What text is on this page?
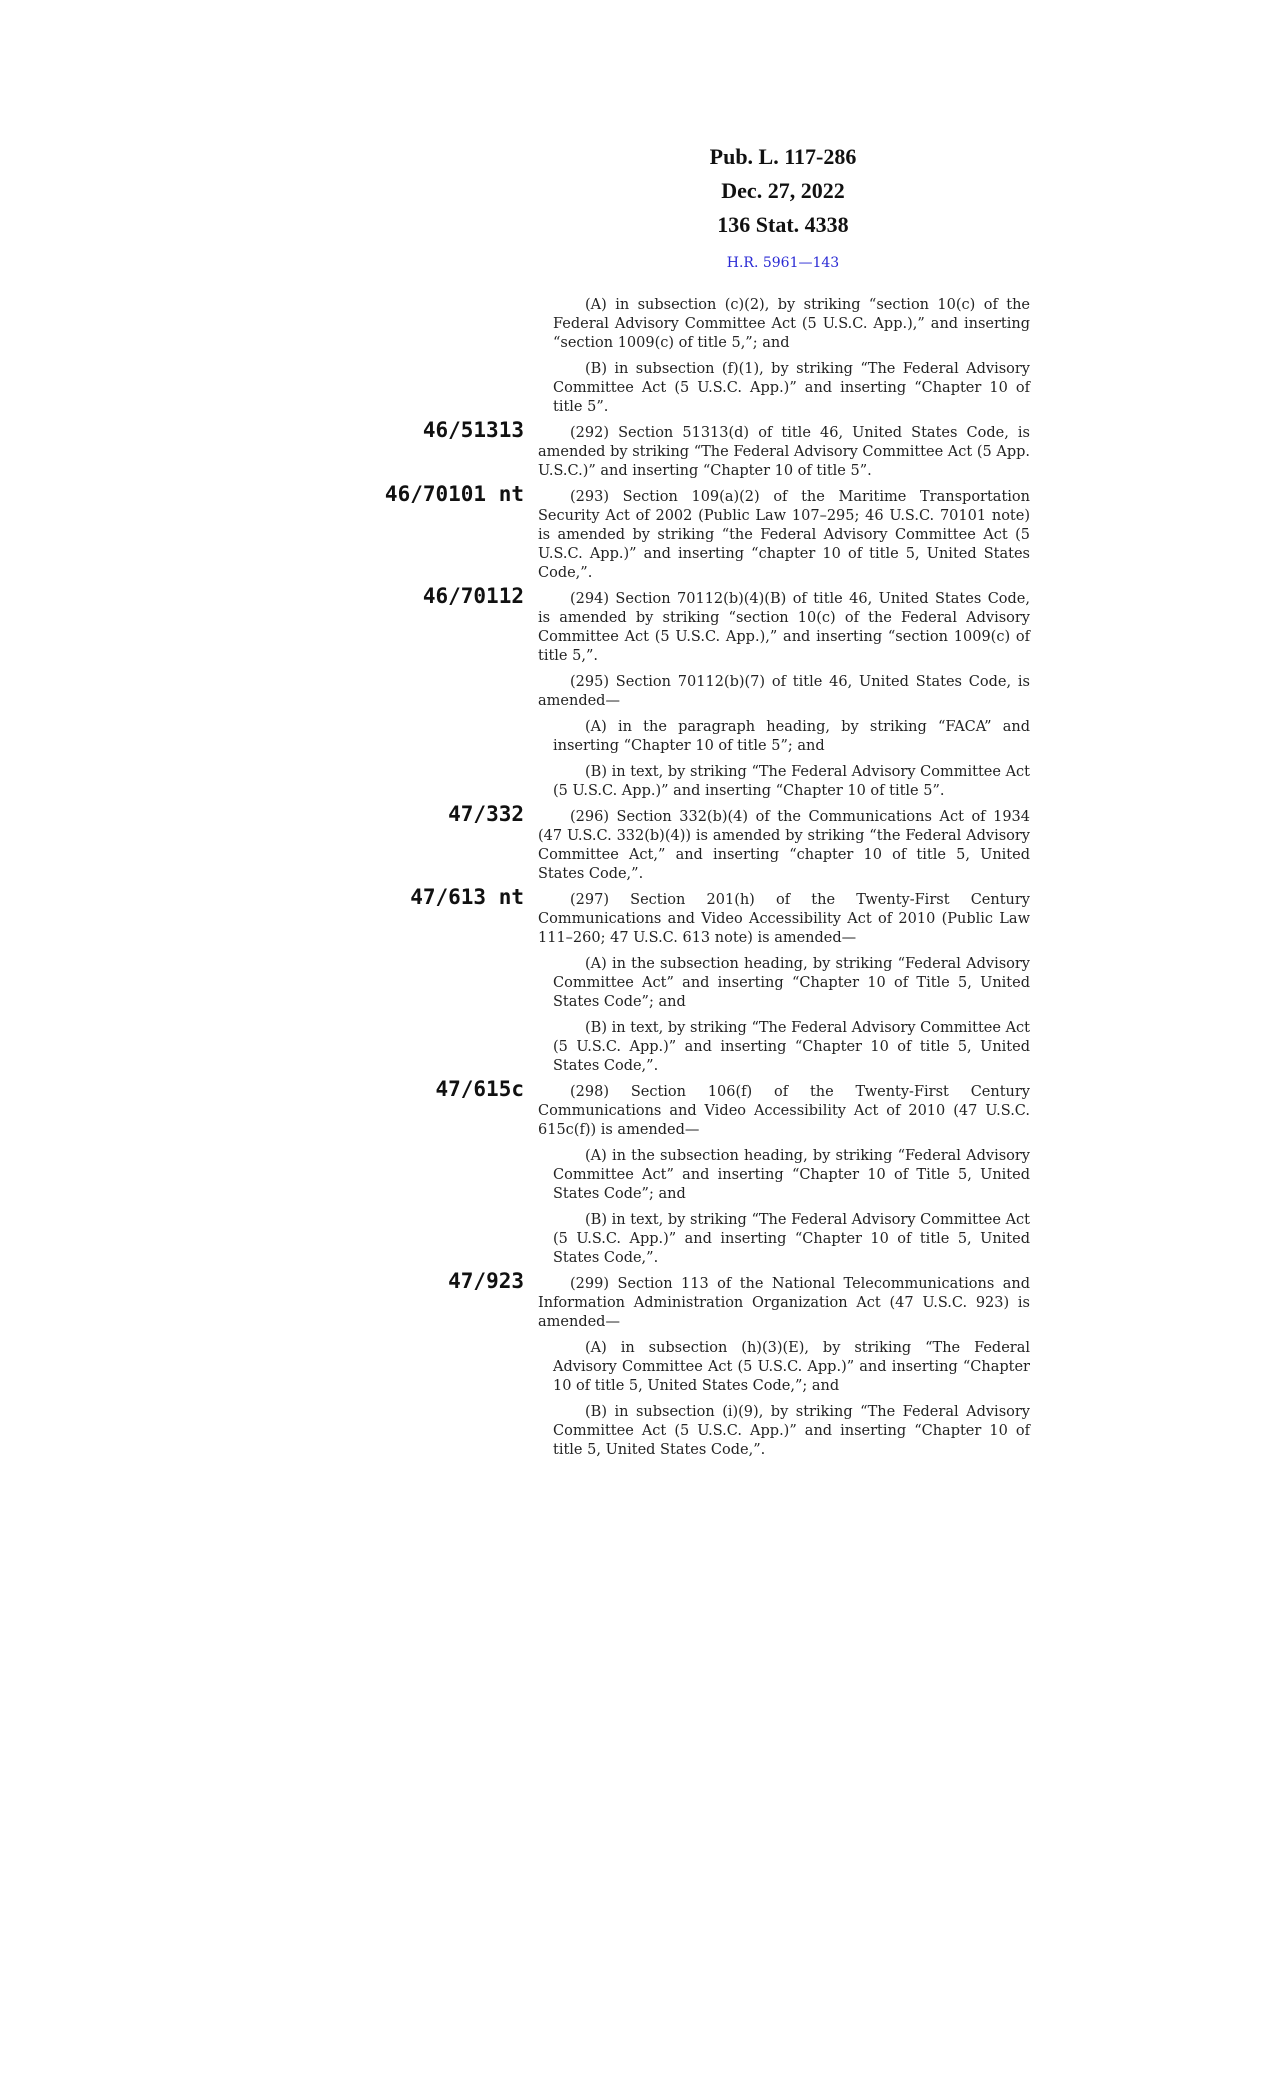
Pub. L. 117-286
Dec. 27, 2022
136 Stat. 4338
H.R. 5961—143
(A) in subsection (c)(2), by striking “section 10(c) of the Federal Advisory Committee Act (5 U.S.C. App.),” and inserting “section 1009(c) of title 5,”; and
(B) in subsection (f)(1), by striking “The Federal Advisory Committee Act (5 U.S.C. App.)” and inserting “Chapter 10 of title 5”.
46/51313	(292) Section 51313(d) of title 46, United States Code, is amended by striking “The Federal Advisory Committee Act (5 App. U.S.C.)” and inserting “Chapter 10 of title 5”.
46/70101 nt	(293) Section 109(a)(2) of the Maritime Transportation Security Act of 2002 (Public Law 107–295; 46 U.S.C. 70101 note) is amended by striking “the Federal Advisory Committee Act (5 U.S.C. App.)” and inserting “chapter 10 of title 5, United States Code,”.
46/70112	(294) Section 70112(b)(4)(B) of title 46, United States Code, is amended by striking “section 10(c) of the Federal Advisory Committee Act (5 U.S.C. App.),” and inserting “section 1009(c) of title 5,”.
(295) Section 70112(b)(7) of title 46, United States Code, is amended—
(A) in the paragraph heading, by striking “FACA” and inserting “Chapter 10 of title 5”; and
(B) in text, by striking “The Federal Advisory Committee Act (5 U.S.C. App.)” and inserting “Chapter 10 of title 5”.
47/332	(296) Section 332(b)(4) of the Communications Act of 1934 (47 U.S.C. 332(b)(4)) is amended by striking “the Federal Advisory Committee Act,” and inserting “chapter 10 of title 5, United States Code,”.
47/613 nt	(297) Section 201(h) of the Twenty-First Century Communications and Video Accessibility Act of 2010 (Public Law 111–260; 47 U.S.C. 613 note) is amended—
(A) in the subsection heading, by striking “Federal Advisory Committee Act” and inserting “Chapter 10 of Title 5, United States Code”; and
(B) in text, by striking “The Federal Advisory Committee Act (5 U.S.C. App.)” and inserting “Chapter 10 of title 5, United States Code,”.
47/615c	(298) Section 106(f) of the Twenty-First Century Communications and Video Accessibility Act of 2010 (47 U.S.C. 615c(f)) is amended—
(A) in the subsection heading, by striking “Federal Advisory Committee Act” and inserting “Chapter 10 of Title 5, United States Code”; and
(B) in text, by striking “The Federal Advisory Committee Act (5 U.S.C. App.)” and inserting “Chapter 10 of title 5, United States Code,”.
47/923	(299) Section 113 of the National Telecommunications and Information Administration Organization Act (47 U.S.C. 923) is amended—
(A) in subsection (h)(3)(E), by striking “The Federal Advisory Committee Act (5 U.S.C. App.)” and inserting “Chapter 10 of title 5, United States Code,”; and
(B) in subsection (i)(9), by striking “The Federal Advisory Committee Act (5 U.S.C. App.)” and inserting “Chapter 10 of title 5, United States Code,”.
